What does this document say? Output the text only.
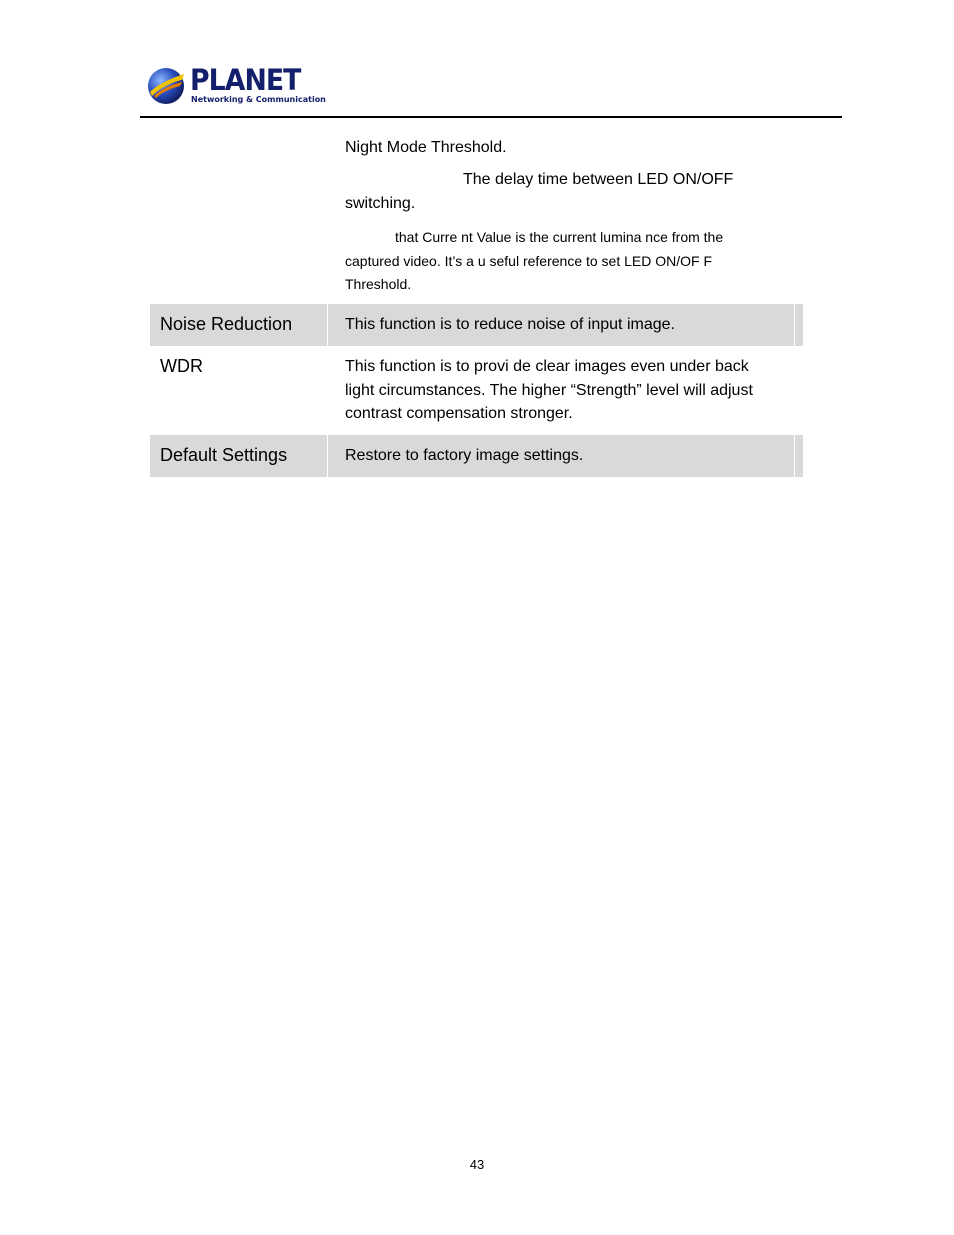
PLANET
Networking & Communication
Night Mode Threshold.
The delay time between LED ON/OFF
switching.
that Curre nt Value is the current lumina nce from the
captured video. It’s a u seful reference to set LED ON/OF F
Threshold.
Noise Reduction	This function is to reduce noise of input image.
WDR	This function is to provi de clear images even under back
light circumstances. The higher “Strength” level will adjust
contrast compensation stronger.
Default Settings	Restore to factory image settings.
43
